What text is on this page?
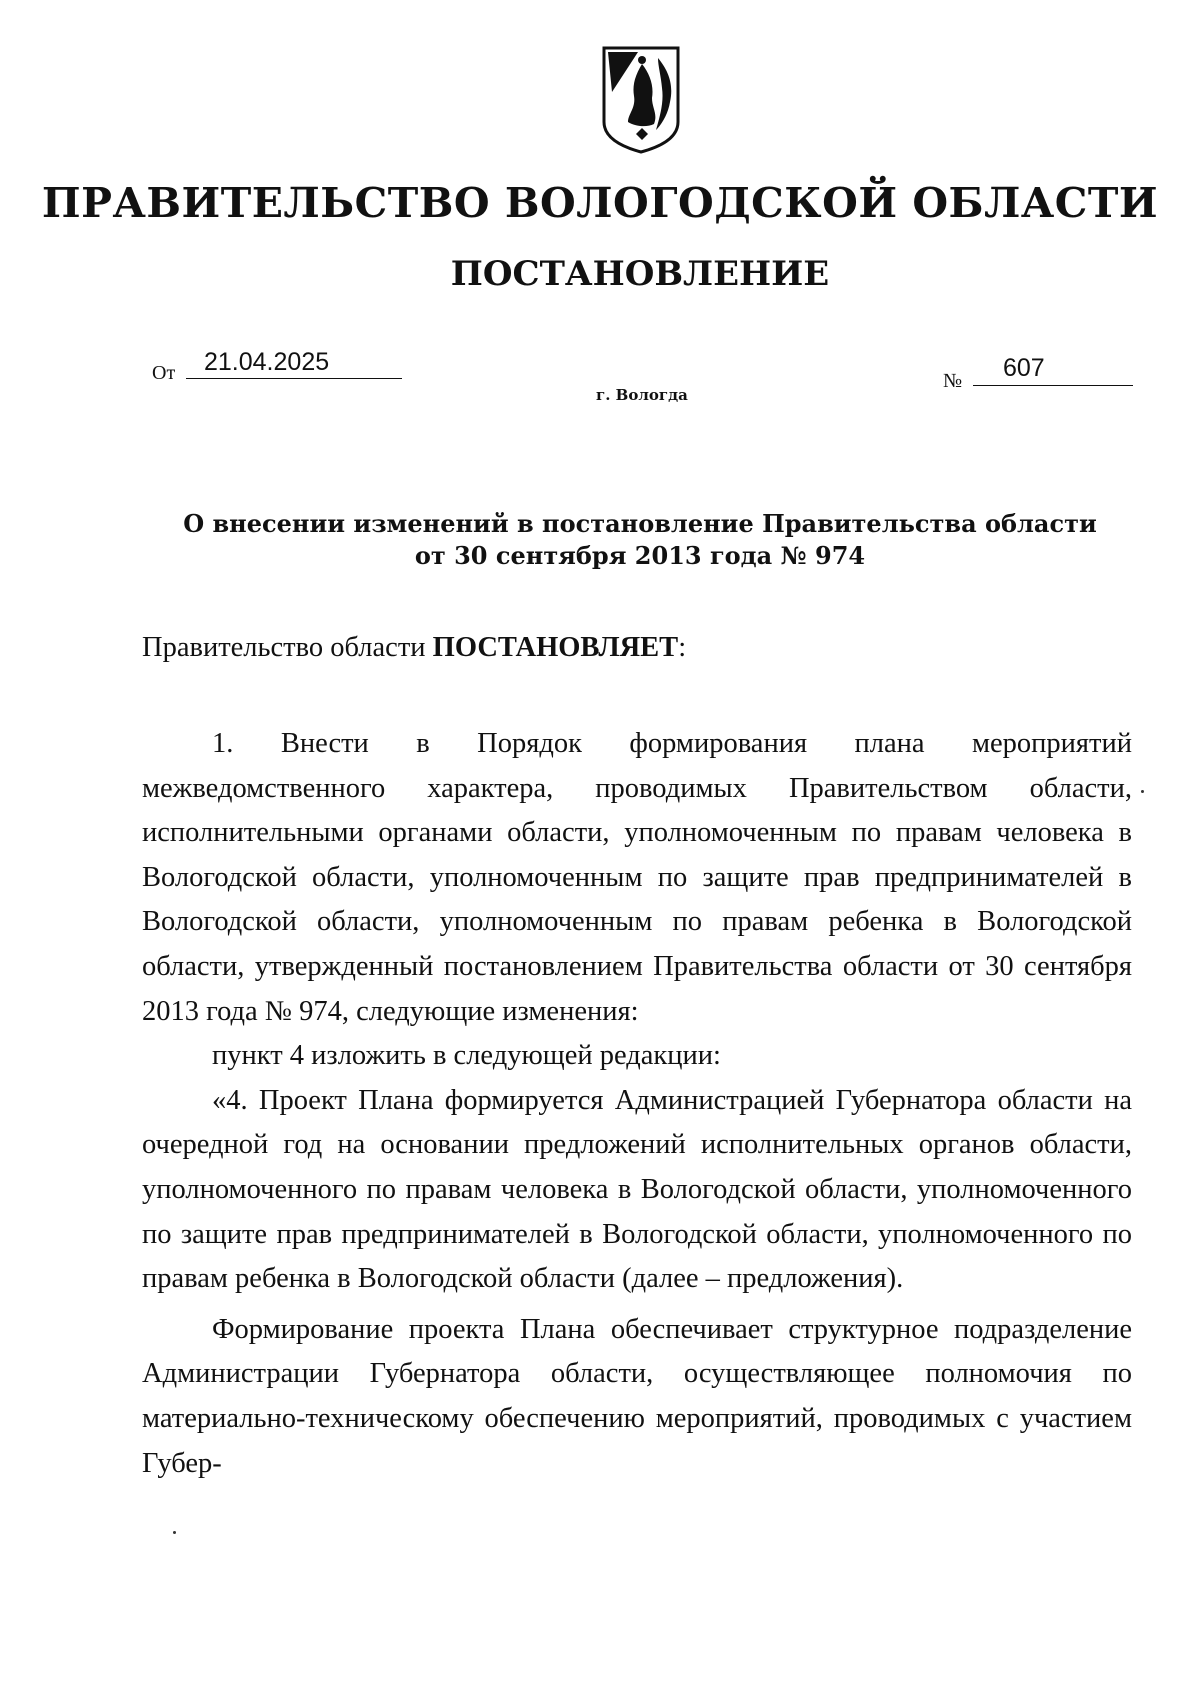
ПРАВИТЕЛЬСТВО ВОЛОГОДСКОЙ ОБЛАСТИ
ПОСТАНОВЛЕНИЕ
От 21.04.2025
№ 607
г. Вологда
О внесении изменений в постановление Правительства области
от 30 сентября 2013 года № 974
Правительство области ПОСТАНОВЛЯЕТ:

1. Внести в Порядок формирования плана мероприятий межведомственного характера, проводимых Правительством области, исполнительными органами области, уполномоченным по правам человека в Вологодской области, уполномоченным по защите прав предпринимателей в Вологодской области, уполномоченным по правам ребенка в Вологодской области, утвержденный постановлением Правительства области от 30 сентября 2013 года № 974, следующие изменения:

пункт 4 изложить в следующей редакции:

«4. Проект Плана формируется Администрацией Губернатора области на очередной год на основании предложений исполнительных органов области, уполномоченного по правам человека в Вологодской области, уполномоченного по защите прав предпринимателей в Вологодской области, уполномоченного по правам ребенка в Вологодской области (далее – предложения).

Формирование проекта Плана обеспечивает структурное подразделение Администрации Губернатора области, осуществляющее полномочия по материально-техническому обеспечению мероприятий, проводимых с участием Губер-
